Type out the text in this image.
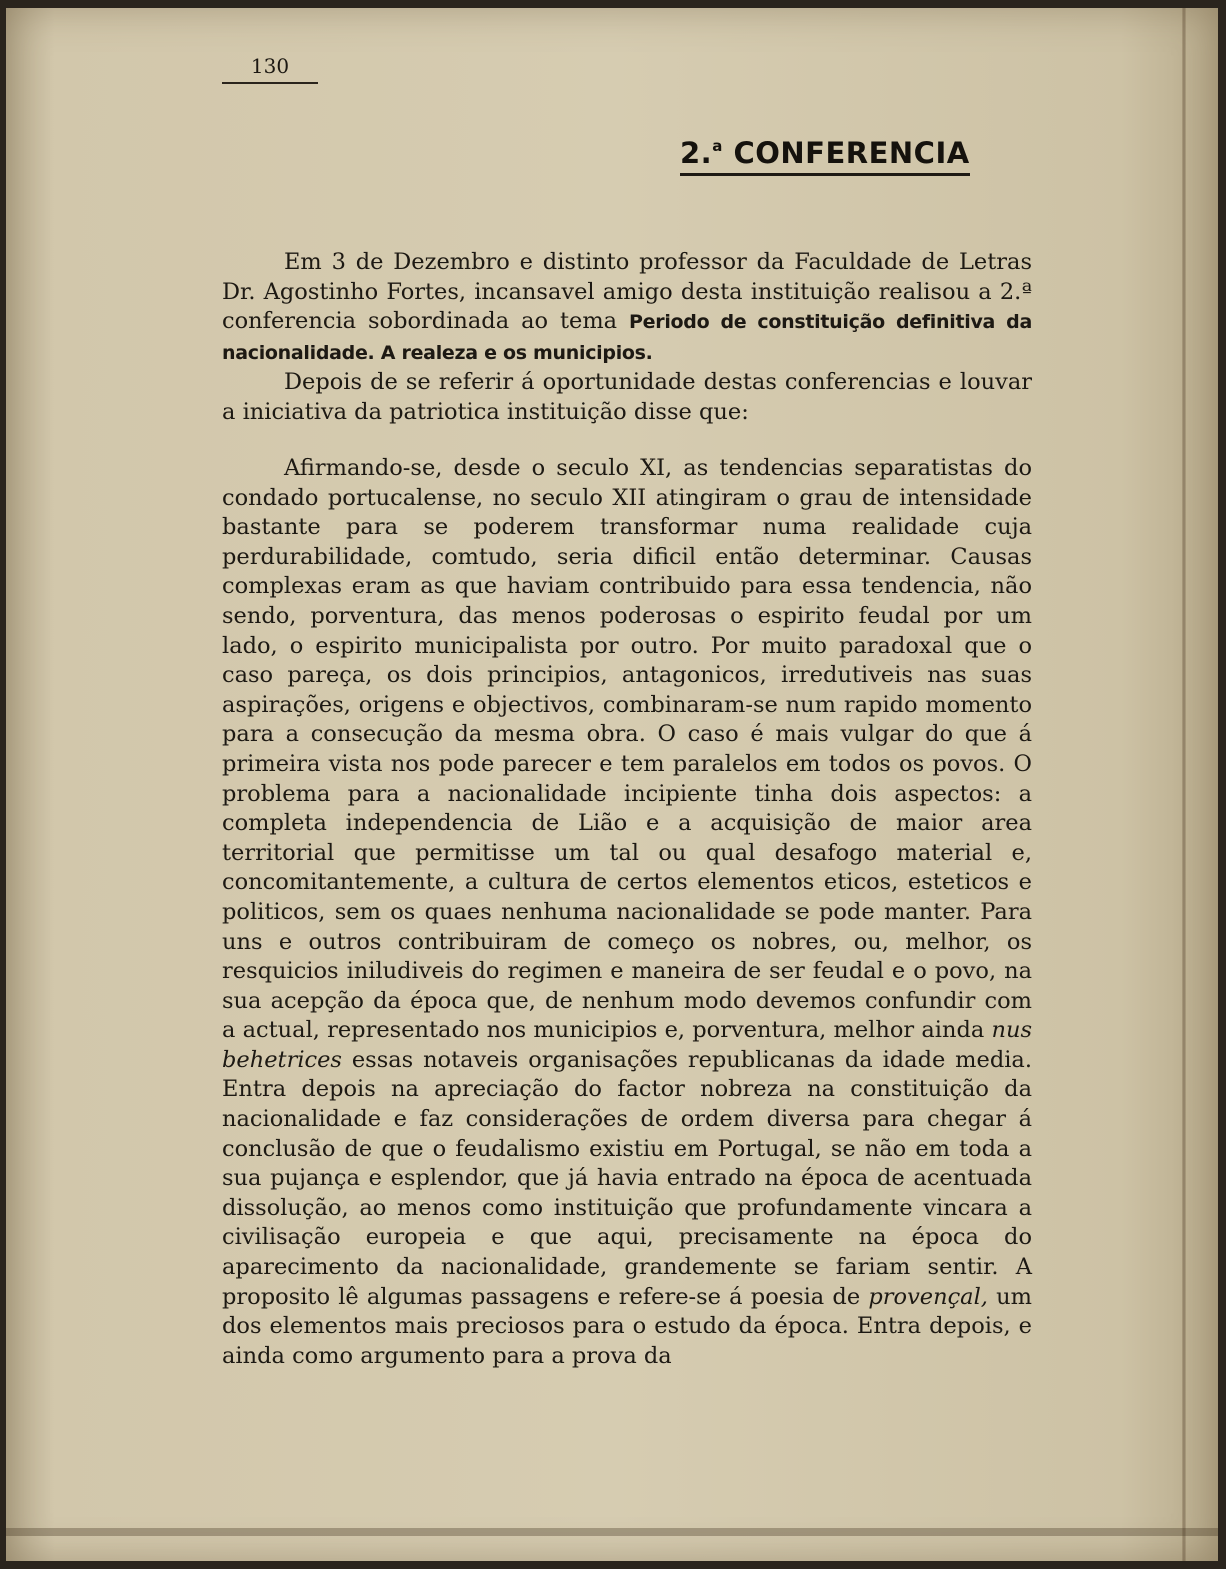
130
2.$^a$ CONFERENCIA

Em 3 de Dezembro e distinto professor da Faculdade de Letras Dr. Agostinho Fortes, incansavel amigo desta instituição realisou a 2.ª conferencia sobordinada ao tema Periodo de constituição definitiva da nacionalidade. A realeza e os municipios.

Depois de se referir á oportunidade destas conferencias e louvar a iniciativa da patriotica instituição disse que:

Afirmando-se, desde o seculo XI, as tendencias separatistas do condado portucalense, no seculo XII atingiram o grau de intensidade bastante para se poderem transformar numa realidade cuja perdurabilidade, comtudo, seria dificil então determinar. Causas complexas eram as que haviam contribuido para essa tendencia, não sendo, porventura, das menos poderosas o espirito feudal por um lado, o espirito municipalista por outro. Por muito paradoxal que o caso pareça, os dois principios, antagonicos, irredutiveis nas suas aspirações, origens e objectivos, combinaram-se num rapido momento para a consecução da mesma obra. O caso é mais vulgar do que á primeira vista nos pode parecer e tem paralelos em todos os povos. O problema para a nacionalidade incipiente tinha dois aspectos: a completa independencia de Lião e a acquisição de maior area territorial que permitisse um tal ou qual desafogo material e, concomitantemente, a cultura de certos elementos eticos, esteticos e politicos, sem os quaes nenhuma nacionalidade se pode manter. Para uns e outros contribuiram de começo os nobres, ou, melhor, os resquicios iniludiveis do regimen e maneira de ser feudal e o povo, na sua acepção da época que, de nenhum modo devemos confundir com a actual, representado nos municipios e, porventura, melhor ainda nus behetrices essas notaveis organisações republicanas da idade media. Entra depois na apreciação do factor nobreza na constituição da nacionalidade e faz considerações de ordem diversa para chegar á conclusão de que o feudalismo existiu em Portugal, se não em toda a sua pujança e esplendor, que já havia entrado na época de acentuada dissolução, ao menos como instituição que profundamente vincara a civilisação europeia e que aqui, precisamente na época do aparecimento da nacionalidade, grandemente se fariam sentir. A proposito lê algumas passagens e refere-se á poesia de provençal, um dos elementos mais preciosos para o estudo da época. Entra depois, e ainda como argumento para a prova da
